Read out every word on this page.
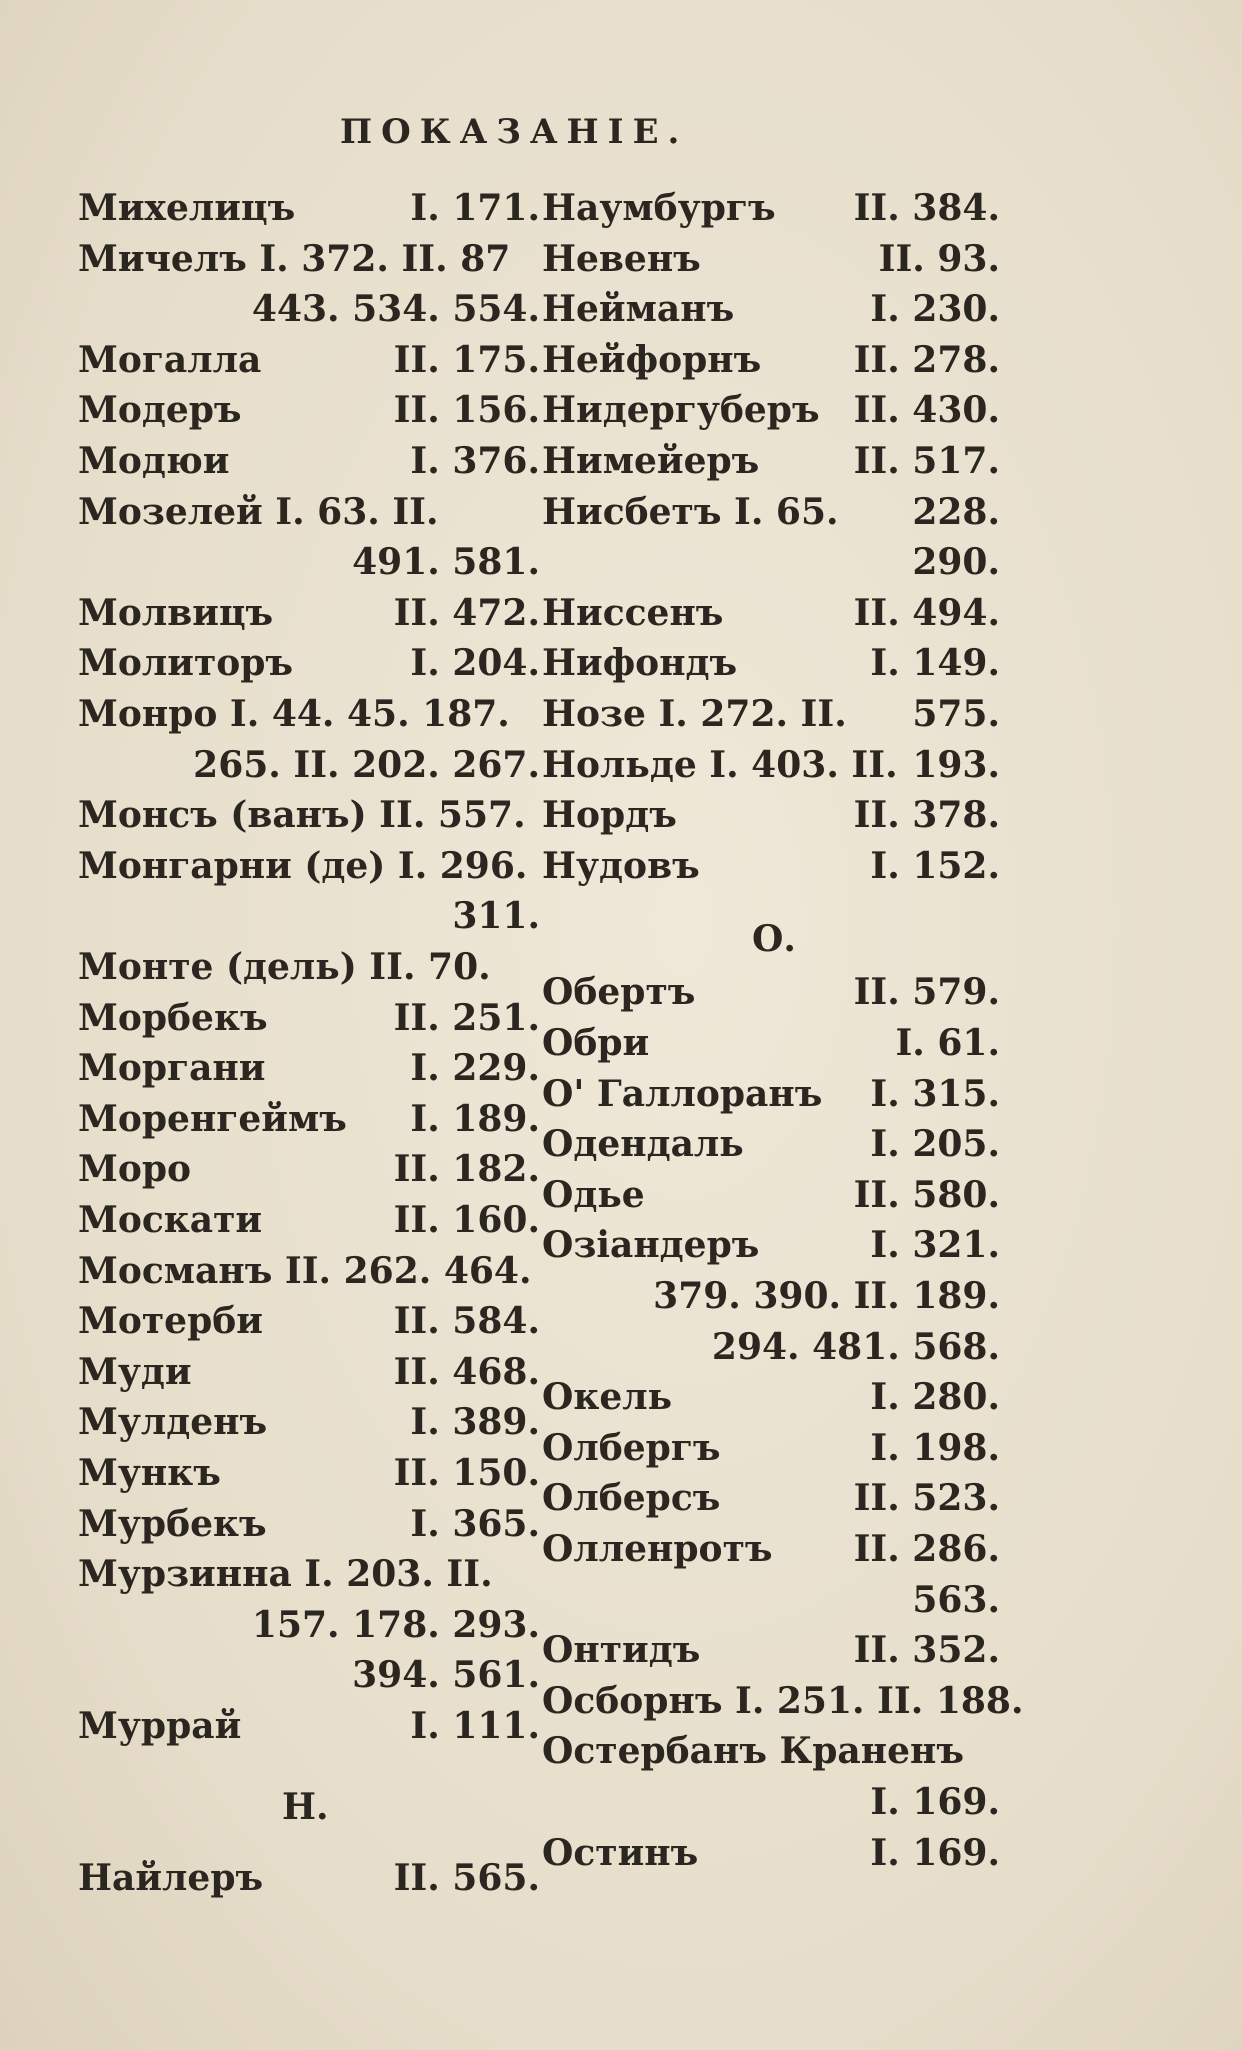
ПОКАЗАНІЕ.
Михелицъ	I. 171.
Мичелъ I. 372. II. 87
443. 534. 554.
Могалла	II. 175.
Модеръ	II. 156.
Модюи	I. 376.
Мозелей I. 63. II.
491. 581.
Молвицъ	II. 472.
Молиторъ	I. 204.
Монро I. 44. 45. 187.
265. II. 202. 267.
Монсъ (ванъ) II. 557.
Монгарни (де) I. 296.
311.
Монте (дель) II. 70.
Морбекъ	II. 251.
Моргани	I. 229.
Моренгеймъ I. 189.
Моро	II. 182.
Москати	II. 160.
Мосманъ II. 262. 464.
Мотерби	II. 584.
Муди	II. 468.
Мулденъ	I. 389.
Мункъ	II. 150.
Мурбекъ	I. 365.
Мурзинна I. 203. II.
157. 178. 293.
394. 561.
Муррай	I. 111.
Найлеръ	II. 565.
Наумбургъ II. 384.
Невенъ	II. 93.
Нейманъ	I. 230.
Нейфорнъ	II. 278.
Нидергуберъ II. 430.
Нимейеръ	II. 517.
Нисбетъ I. 65. 228.
290.
Ниссенъ	II. 494.
Нифондъ	I. 149.
Нозе I. 272. II. 575.
Нольде I. 403. II. 193.
Нордъ	II. 378.
Нудовъ	I. 152.
Обертъ	II. 579.
Обри	I. 61.
О' Галлоранъ I. 315.
Одендаль	I. 205.
Одье	II. 580.
Озіандеръ	I. 321.
379. 390. II. 189.
294. 481. 568.
Окель	I. 280.
Олбергъ	I. 198.
Олберсъ	II. 523.
Олленротъ II. 286.
563.
Онтидъ	II. 352.
Осборнъ I. 251. II. 188.
Остербанъ Краненъ
I. 169.
Остинъ	I. 169.
О.
Н.
